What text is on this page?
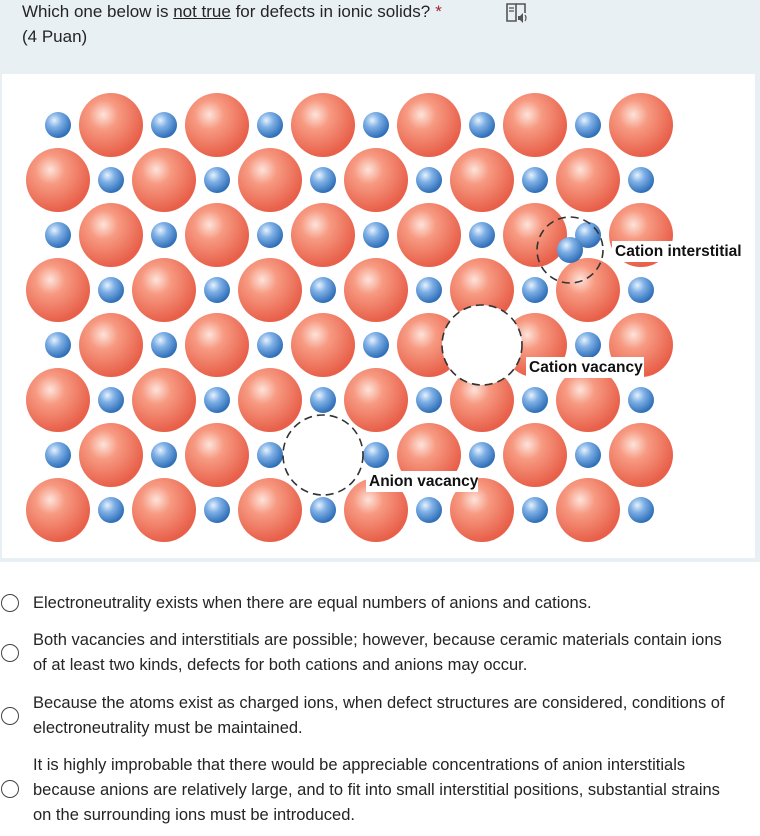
Which one below is not true for defects in ionic solids? *
(4 Puan)
Cation interstitial
Cation vacancy
Anion vacancy
Electroneutrality exists when there are equal numbers of anions and cations.
Both vacancies and interstitials are possible; however, because ceramic materials contain ions of at least two kinds, defects for both cations and anions may occur.
Because the atoms exist as charged ions, when defect structures are considered, conditions of electroneutrality must be maintained.
It is highly improbable that there would be appreciable concentrations of anion interstitials because anions are relatively large, and to fit into small interstitial positions, substantial strains on the surrounding ions must be introduced.
